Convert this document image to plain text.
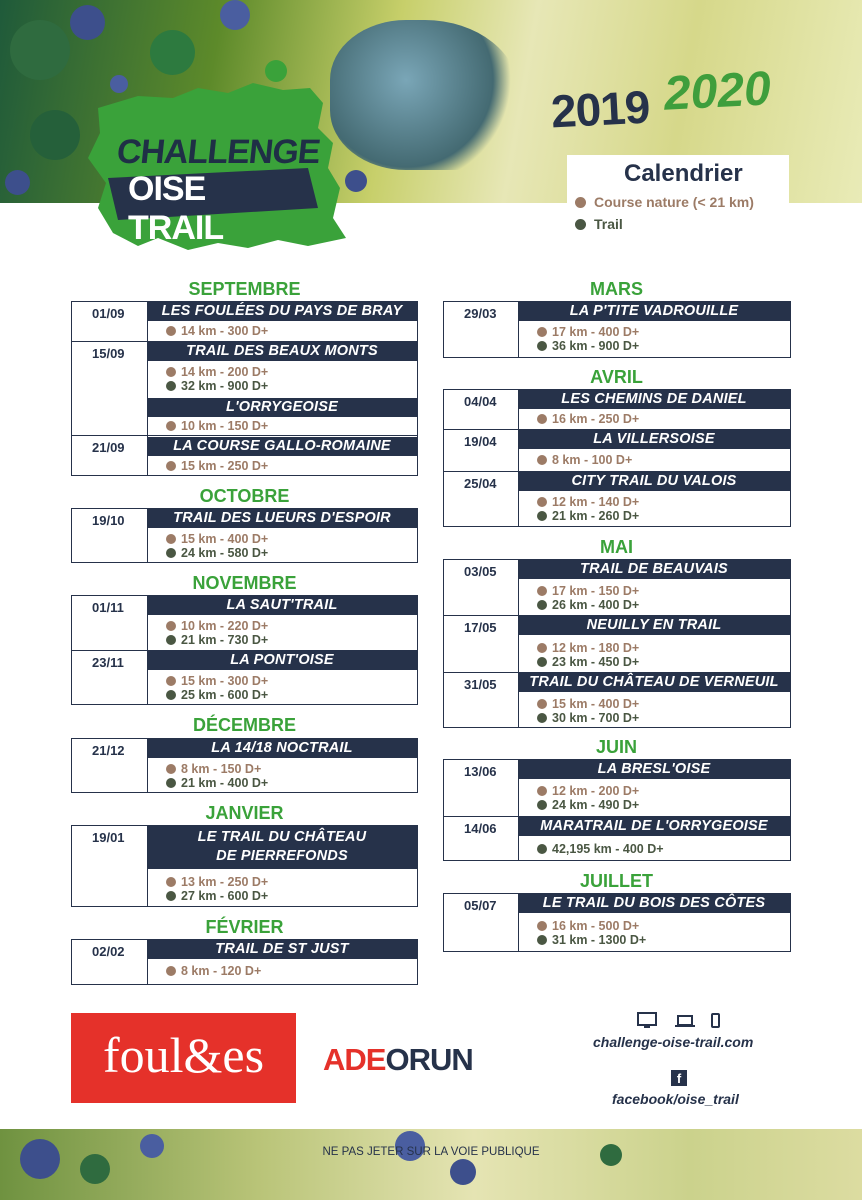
CHALLENGE
OISE TRAIL
2019 2020
Calendrier
Course nature (< 21 km)
Trail
SEPTEMBRE
01/09	LES FOULÉES DU PAYS DE BRAY
14 km - 300 D+
15/09	TRAIL DES BEAUX MONTS
14 km - 200 D+
32 km - 900 D+
L'ORRYGEOISE
10 km - 150 D+
21/09	LA COURSE GALLO-ROMAINE
15 km - 250 D+
OCTOBRE
19/10	TRAIL DES LUEURS D'ESPOIR
15 km - 400 D+
24 km - 580 D+
NOVEMBRE
01/11	LA SAUT'TRAIL
10 km - 220 D+
21 km - 730 D+
23/11	LA PONT'OISE
15 km - 300 D+
25 km - 600 D+
DÉCEMBRE
21/12	LA 14/18 NOCTRAIL
8 km - 150 D+
21 km - 400 D+
JANVIER
19/01	LE TRAIL DU CHÂTEAU
DE PIERREFONDS
13 km - 250 D+
27 km - 600 D+
FÉVRIER
02/02	TRAIL DE ST JUST
8 km - 120 D+
MARS
29/03	LA P'TITE VADROUILLE
17 km - 400 D+
36 km - 900 D+
AVRIL
04/04	LES CHEMINS DE DANIEL
16 km - 250 D+
19/04	LA VILLERSOISE
8 km - 100 D+
25/04	CITY TRAIL DU VALOIS
12 km - 140 D+
21 km - 260 D+
MAI
03/05	TRAIL DE BEAUVAIS
17 km - 150 D+
26 km - 400 D+
17/05	NEUILLY EN TRAIL
12 km - 180 D+
23 km - 450 D+
31/05	TRAIL DU CHÂTEAU DE VERNEUIL
15 km - 400 D+
30 km - 700 D+
JUIN
13/06	LA BRESL'OISE
12 km - 200 D+
24 km - 490 D+
14/06	MARATRAIL DE L'ORRYGEOISE
42,195 km - 400 D+
JUILLET
05/07	LE TRAIL DU BOIS DES CÔTES
16 km - 500 D+
31 km - 1300 D+
foul&es	ADEORUN	challenge-oise-trail.com
f
facebook/oise_trail
NE PAS JETER SUR LA VOIE PUBLIQUE
